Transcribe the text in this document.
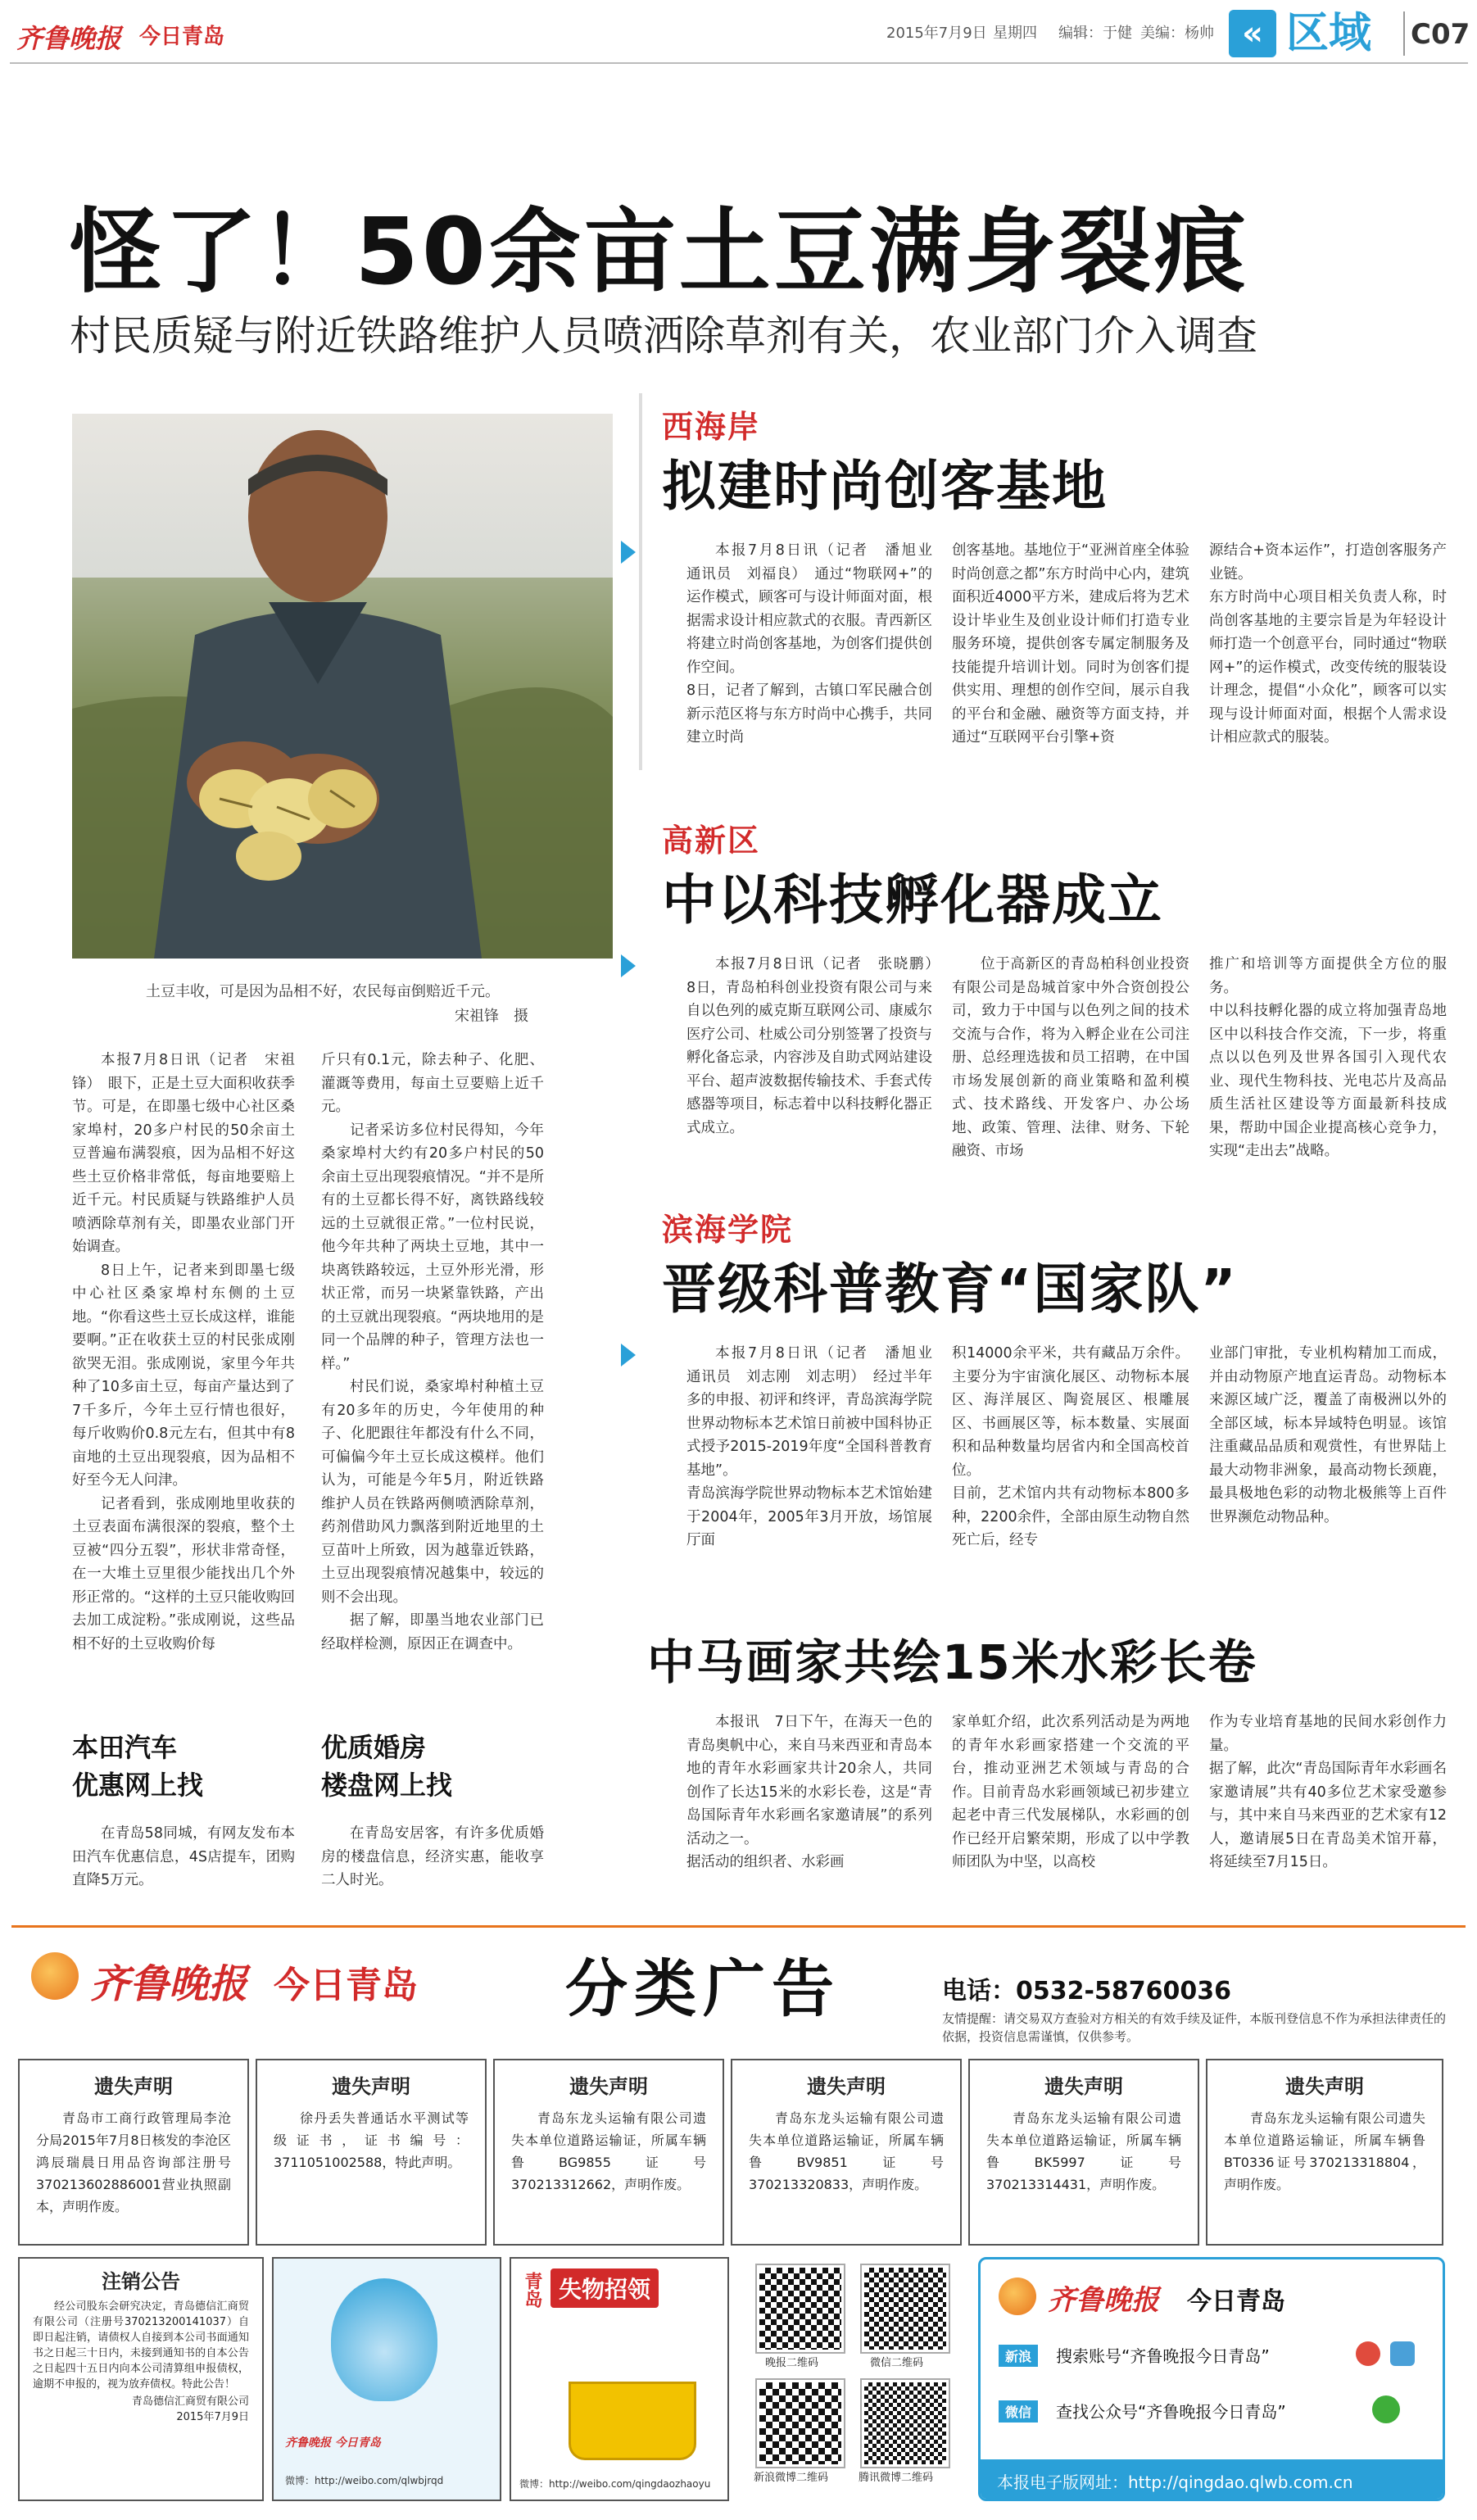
齐鲁晚报 今日青岛	2015年7月9日 星期四 编辑：于健 美编：杨帅 « 区域 C07
怪了！50余亩土豆满身裂痕
村民质疑与附近铁路维护人员喷洒除草剂有关，农业部门介入调查
土豆丰收，可是因为品相不好，农民每亩倒赔近千元。
宋祖锋　摄

本报7月8日讯（记者　宋祖锋）　眼下，正是土豆大面积收获季节。可是，在即墨七级中心社区桑家埠村，20多户村民的50余亩土豆普遍布满裂痕，因为品相不好这些土豆价格非常低，每亩地要赔上近千元。村民质疑与铁路维护人员喷洒除草剂有关，即墨农业部门开始调查。

8日上午，记者来到即墨七级中心社区桑家埠村东侧的土豆地。“你看这些土豆长成这样，谁能要啊。”正在收获土豆的村民张成刚欲哭无泪。张成刚说，家里今年共种了10多亩土豆，每亩产量达到了7千多斤，今年土豆行情也很好，每斤收购价0.8元左右，但其中有8亩地的土豆出现裂痕，因为品相不好至今无人问津。

记者看到，张成刚地里收获的土豆表面布满很深的裂痕，整个土豆被“四分五裂”，形状非常奇怪，在一大堆土豆里很少能找出几个外形正常的。“这样的土豆只能收购回去加工成淀粉。”张成刚说，这些品相不好的土豆收购价每

斤只有0.1元，除去种子、化肥、灌溉等费用，每亩土豆要赔上近千元。

记者采访多位村民得知，今年桑家埠村大约有20多户村民的50余亩土豆出现裂痕情况。“并不是所有的土豆都长得不好，离铁路线较远的土豆就很正常。”一位村民说，他今年共种了两块土豆地，其中一块离铁路较远，土豆外形光滑，形状正常，而另一块紧靠铁路，产出的土豆就出现裂痕。“两块地用的是同一个品牌的种子，管理方法也一样。”

村民们说，桑家埠村种植土豆有20多年的历史，今年使用的种子、化肥跟往年都没有什么不同，可偏偏今年土豆长成这模样。他们认为，可能是今年5月，附近铁路维护人员在铁路两侧喷洒除草剂，药剂借助风力飘落到附近地里的土豆苗叶上所致，因为越靠近铁路，土豆出现裂痕情况越集中，较远的则不会出现。

据了解，即墨当地农业部门已经取样检测，原因正在调查中。

本田汽车
优惠网上找
在青岛58同城，有网友发布本田汽车优惠信息，4S店提车，团购直降5万元。
优质婚房
楼盘网上找
在青岛安居客，有许多优质婚房的楼盘信息，经济实惠，能收享二人时光。
西海岸
拟建时尚创客基地
本报7月8日讯（记者　潘旭业　通讯员　刘福良）　通过“物联网+”的运作模式，顾客可与设计师面对面，根据需求设计相应款式的衣服。青西新区将建立时尚创客基地，为创客们提供创作空间。
8日，记者了解到，古镇口军民融合创新示范区将与东方时尚中心携手，共同建立时尚
创客基地。基地位于“亚洲首座全体验时尚创意之都”东方时尚中心内，建筑面积近4000平方米，建成后将为艺术设计毕业生及创业设计师们打造专业服务环境，提供创客专属定制服务及技能提升培训计划。同时为创客们提供实用、理想的创作空间，展示自我的平台和金融、融资等方面支持，并通过“互联网平台引擎+资
源结合+资本运作”，打造创客服务产业链。
东方时尚中心项目相关负责人称，时尚创客基地的主要宗旨是为年轻设计师打造一个创意平台，同时通过“物联网+”的运作模式，改变传统的服装设计理念，提倡“小众化”，顾客可以实现与设计师面对面，根据个人需求设计相应款式的服装。
高新区
中以科技孵化器成立
本报7月8日讯（记者　张晓鹏）　8日，青岛柏科创业投资有限公司与来自以色列的威克斯互联网公司、康威尔医疗公司、杜威公司分别签署了投资与孵化备忘录，内容涉及自助式网站建设平台、超声波数据传输技术、手套式传感器等项目，标志着中以科技孵化器正式成立。
位于高新区的青岛柏科创业投资有限公司是岛城首家中外合资创投公司，致力于中国与以色列之间的技术交流与合作，将为入孵企业在公司注册、总经理选拔和员工招聘，在中国市场发展创新的商业策略和盈利模式、技术路线、开发客户、办公场地、政策、管理、法律、财务、下轮融资、市场
推广和培训等方面提供全方位的服务。
中以科技孵化器的成立将加强青岛地区中以科技合作交流，下一步，将重点以以色列及世界各国引入现代农业、现代生物科技、光电芯片及高品质生活社区建设等方面最新科技成果，帮助中国企业提高核心竞争力，实现“走出去”战略。
滨海学院
晋级科普教育“国家队”
本报7月8日讯（记者　潘旭业　通讯员　刘志刚　刘志明）　经过半年多的申报、初评和终评，青岛滨海学院世界动物标本艺术馆日前被中国科协正式授予2015-2019年度“全国科普教育基地”。
青岛滨海学院世界动物标本艺术馆始建于2004年，2005年3月开放，场馆展厅面
积14000余平米，共有藏品万余件。主要分为宇宙演化展区、动物标本展区、海洋展区、陶瓷展区、根雕展区、书画展区等，标本数量、实展面积和品种数量均居省内和全国高校首位。
目前，艺术馆内共有动物标本800多种，2200余件，全部由原生动物自然死亡后，经专
业部门审批，专业机构精加工而成，并由动物原产地直运青岛。动物标本来源区域广泛，覆盖了南极洲以外的全部区域，标本异域特色明显。该馆注重藏品品质和观赏性，有世界陆上最大动物非洲象，最高动物长颈鹿，最具极地色彩的动物北极熊等上百件世界濒危动物品种。
中马画家共绘15米水彩长卷
本报讯　7日下午，在海天一色的青岛奥帆中心，来自马来西亚和青岛本地的青年水彩画家共计20余人，共同创作了长达15米的水彩长卷，这是“青岛国际青年水彩画名家邀请展”的系列活动之一。
据活动的组织者、水彩画
家单虹介绍，此次系列活动是为两地的青年水彩画家搭建一个交流的平台，推动亚洲艺术领域与青岛的合作。目前青岛水彩画领域已初步建立起老中青三代发展梯队，水彩画的创作已经开启繁荣期，形成了以中学教师团队为中坚，以高校
作为专业培育基地的民间水彩创作力量。
据了解，此次“青岛国际青年水彩画名家邀请展”共有40多位艺术家受邀参与，其中来自马来西亚的艺术家有12人，邀请展5日在青岛美术馆开幕，将延续至7月15日。
齐鲁晚报 今日青岛 分类广告	电话：0532-58760036
友情提醒：请交易双方查验对方相关的有效手续及证件，本版刊登信息不作为承担法律责任的依据，投资信息需谨慎，仅供参考。
遗失声明
青岛市工商行政管理局李沧分局2015年7月8日核发的李沧区鸿辰瑞晨日用品咨询部注册号370213602886001营业执照副本，声明作废。
遗失声明
徐丹丢失普通话水平测试等级证书，证书编号：3711051002588，特此声明。
遗失声明
青岛东龙头运输有限公司遗失本单位道路运输证，所属车辆鲁BG9855证号370213312662，声明作废。
遗失声明
青岛东龙头运输有限公司遗失本单位道路运输证，所属车辆鲁BV9851证号370213320833，声明作废。
遗失声明
青岛东龙头运输有限公司遗失本单位道路运输证，所属车辆鲁BK5997证号370213314431，声明作废。
遗失声明
青岛东龙头运输有限公司遗失本单位道路运输证，所属车辆鲁BT0336证号370213318804，声明作废。
注销公告
经公司股东会研究决定，青岛德信汇商贸有限公司（注册号370213200141037）自即日起注销，请债权人自接到本公司书面通知书之日起三十日内，未接到通知书的自本公告之日起四十五日内向本公司清算组申报债权，逾期不申报的，视为放弃债权。特此公告！
青岛德信汇商贸有限公司
2015年7月9日
齐鲁晚报 今日青岛
微博：http://weibo.com/qlwbjrqd
青岛 失物招领
微博：http://weibo.com/qingdaozhaoyu
晚报二维码	微信二维码
新浪微博二维码	腾讯微博二维码
齐鲁晚报 今日青岛
新浪	搜索账号“齐鲁晚报今日青岛”
微信	查找公众号“齐鲁晚报今日青岛”
本报电子版网址：http://qingdao.qlwb.com.cn
